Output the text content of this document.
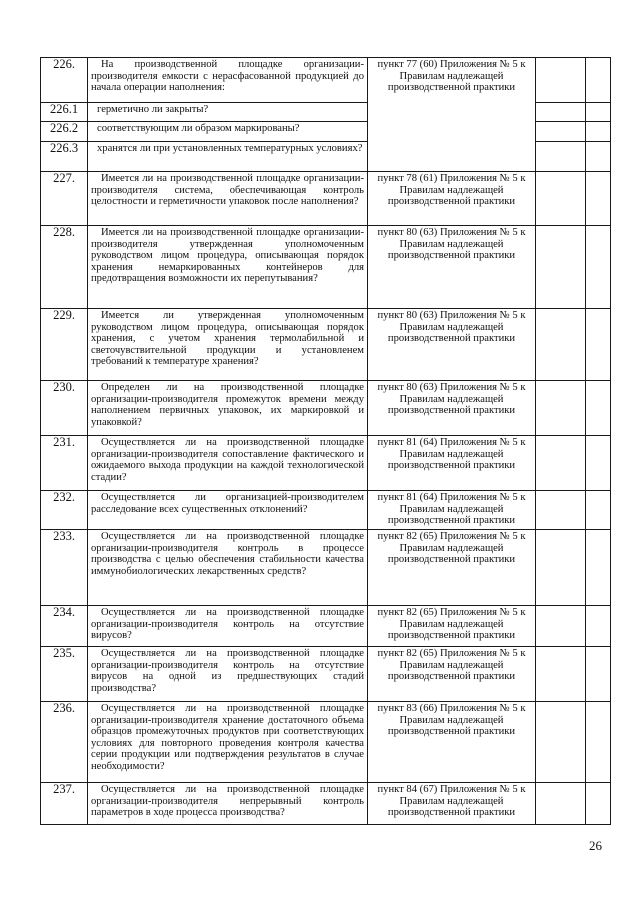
226.	На производственной площадке организации-производителя емкости с нерасфасованной продукцией до начала операции наполнения:	пункт 77 (60) Приложения № 5 к Правилам надлежащей производственной практики		
226.1	герметично ли закрыты?			
226.2	соответствующим ли образом маркированы?			
226.3	хранятся ли при установленных температурных условиях?			
227.	Имеется ли на производственной площадке организации-производителя система, обеспечивающая контроль целостности и герметичности упаковок после наполнения?	пункт 78 (61) Приложения № 5 к Правилам надлежащей производственной практики		
228.	Имеется ли на производственной площадке организации-производителя утвержденная уполномоченным руководством лицом процедура, описывающая порядок хранения немаркированных контейнеров для предотвращения возможности их перепутывания?	пункт 80 (63) Приложения № 5 к Правилам надлежащей производственной практики		
229.	Имеется ли утвержденная уполномоченным руководством лицом процедура, описывающая порядок хранения, с учетом хранения термолабильной и светочувствительной продукции и установленем требований к температуре хранения?	пункт 80 (63) Приложения № 5 к Правилам надлежащей производственной практики		
230.	Определен ли на производственной площадке организации-производителя промежуток времени между наполнением первичных упаковок, их маркировкой и упаковкой?	пункт 80 (63) Приложения № 5 к Правилам надлежащей производственной практики		
231.	Осуществляется ли на производственной площадке организации-производителя сопоставление фактического и ожидаемого выхода продукции на каждой технологической стадии?	пункт 81 (64) Приложения № 5 к Правилам надлежащей производственной практики		
232.	Осуществляется ли организацией-производителем расследование всех существенных отклонений?	пункт 81 (64) Приложения № 5 к Правилам надлежащей производственной практики		
233.	Осуществляется ли на производственной площадке организации-производителя контроль в процессе производства с целью обеспечения стабильности качества иммунобиологических лекарственных средств?	пункт 82 (65) Приложения № 5 к Правилам надлежащей производственной практики		
234.	Осуществляется ли на производственной площадке организации-производителя контроль на отсутствие вирусов?	пункт 82 (65) Приложения № 5 к Правилам надлежащей производственной практики		
235.	Осуществляется ли на производственной площадке организации-производителя контроль на отсутствие вирусов на одной из предшествующих стадий производства?	пункт 82 (65) Приложения № 5 к Правилам надлежащей производственной практики		
236.	Осуществляется ли на производственной площадке организации-производителя хранение достаточного объема образцов промежуточных продуктов при соответствующих условиях для повторного проведения контроля качества серии продукции или подтверждения результатов в случае необходимости?	пункт 83 (66) Приложения № 5 к Правилам надлежащей производственной практики		
237.	Осуществляется ли на производственной площадке организации-производителя непрерывный контроль параметров в ходе процесса производства?	пункт 84 (67) Приложения № 5 к Правилам надлежащей производственной практики		
26
